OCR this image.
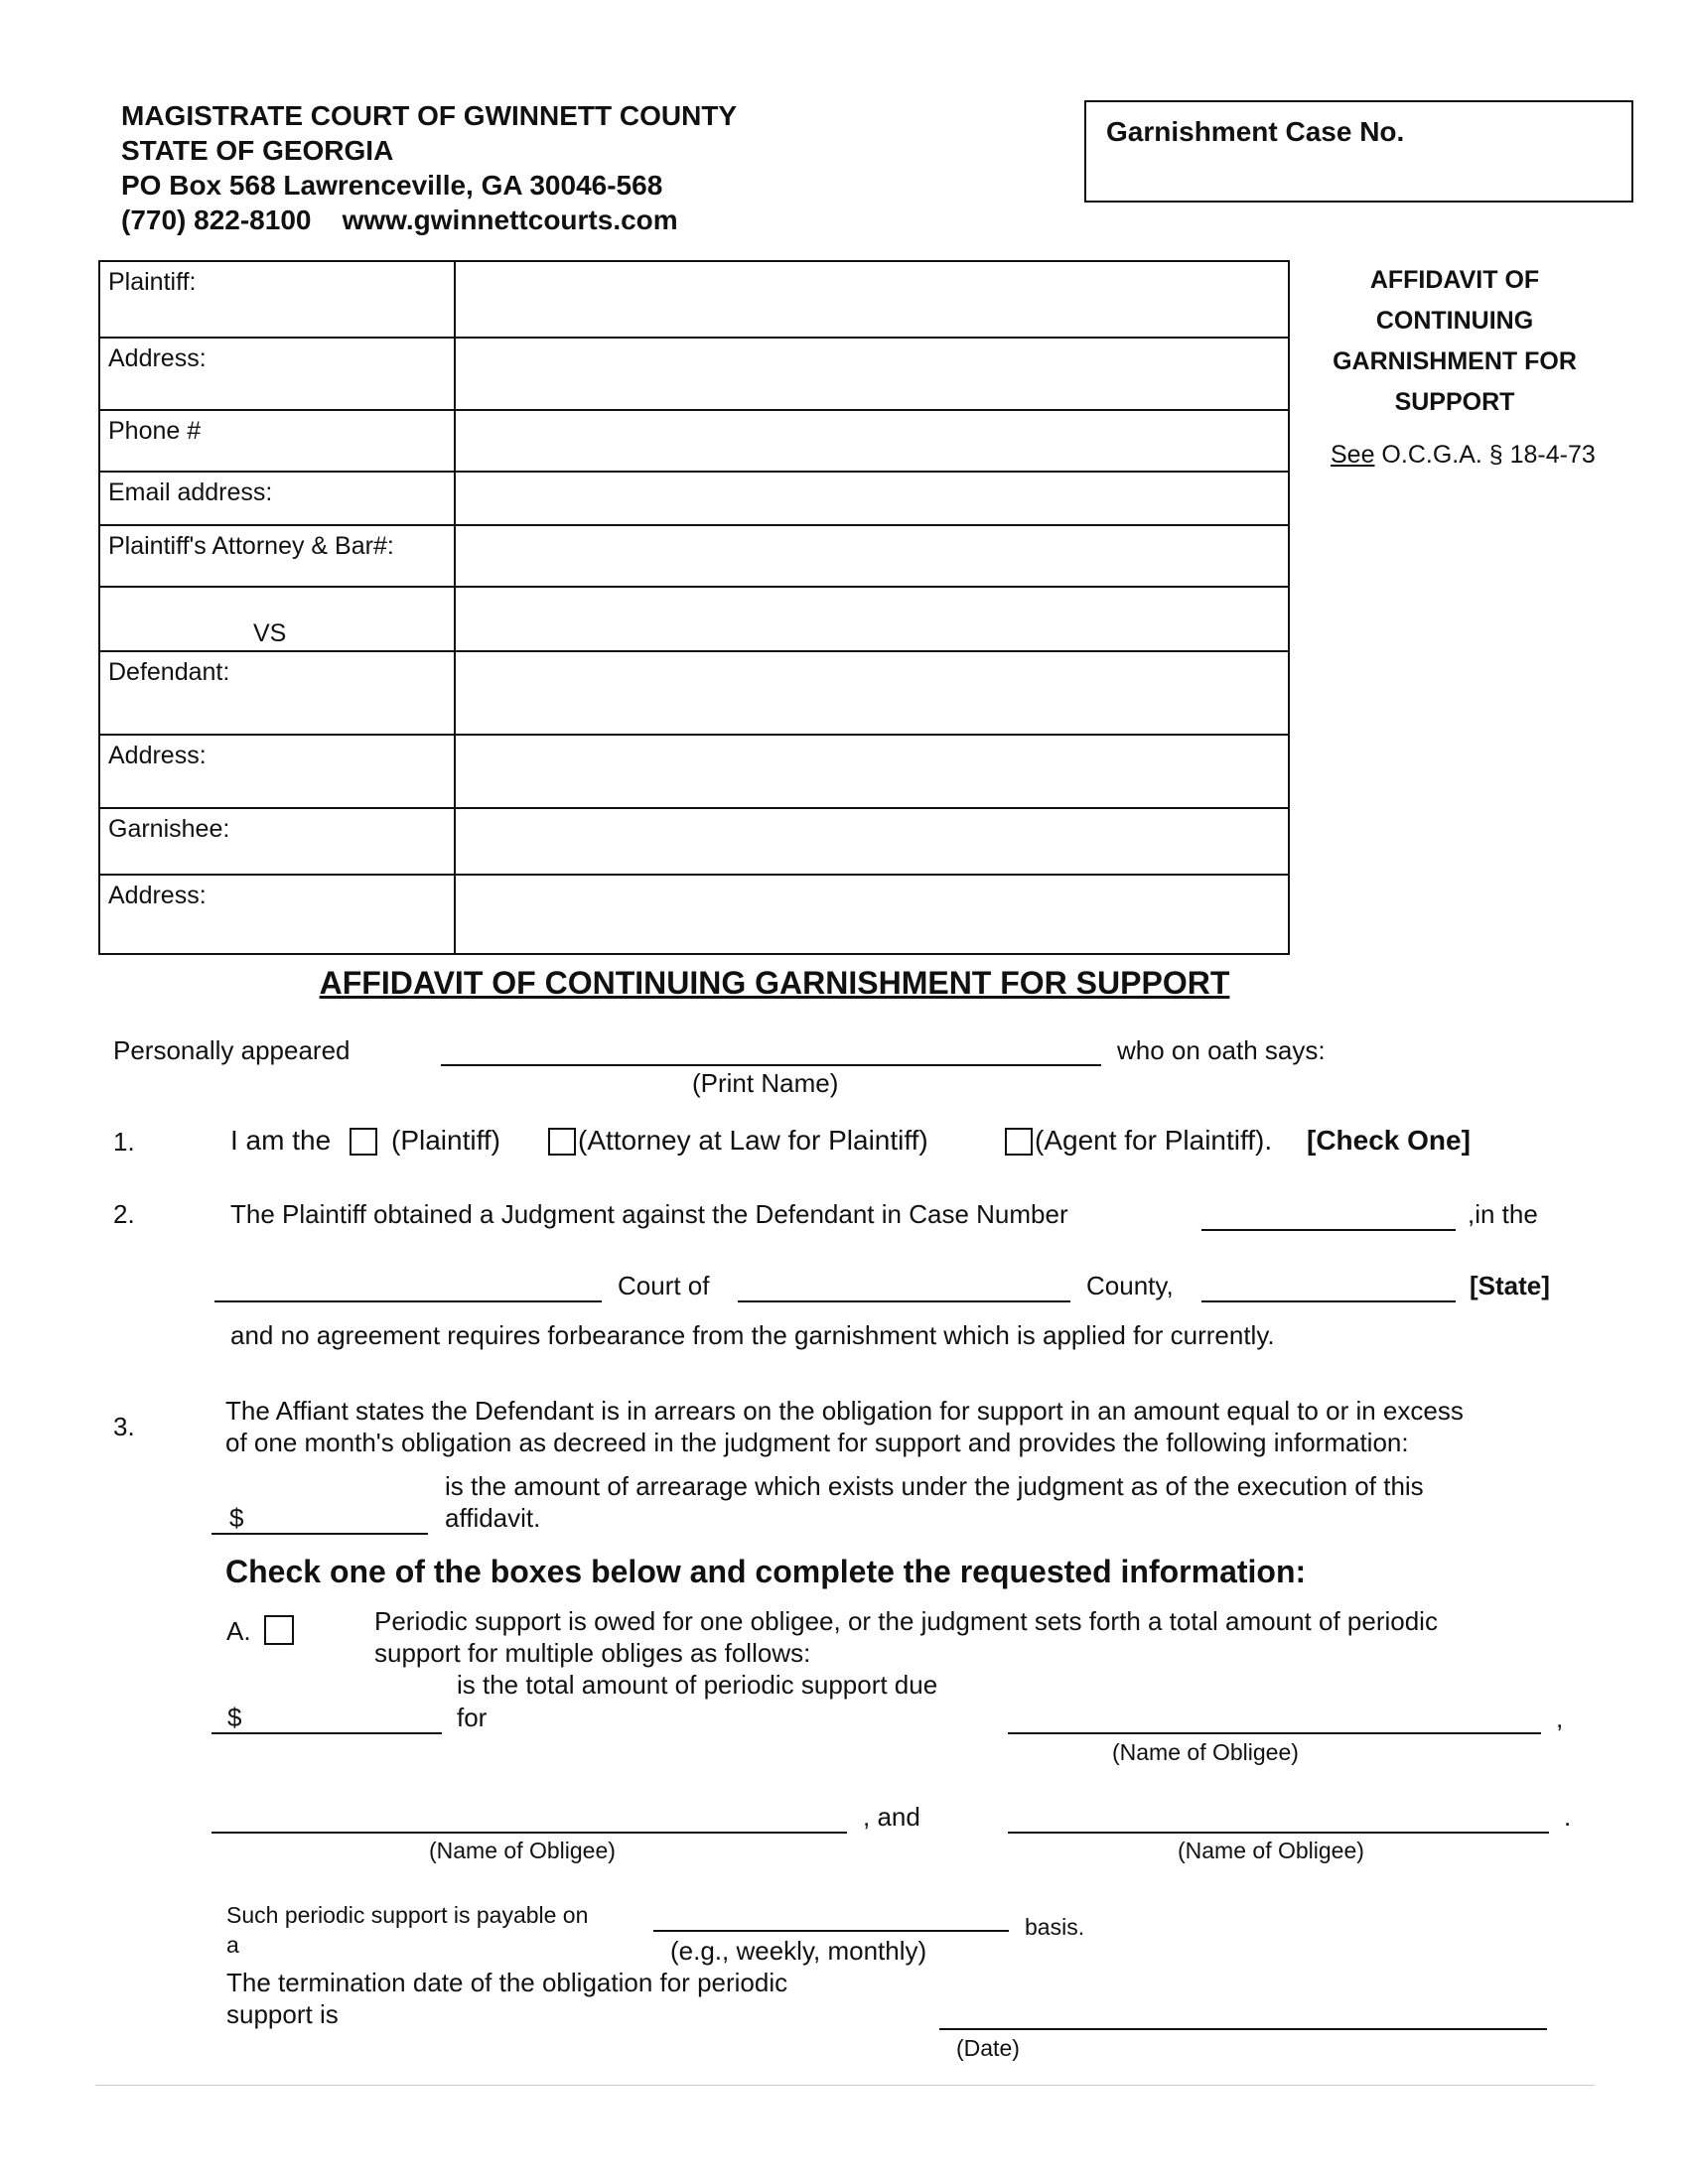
MAGISTRATE COURT OF GWINNETT COUNTY
STATE OF GEORGIA
PO Box 568 Lawrenceville, GA 30046-568
(770) 822-8100    www.gwinnettcourts.com
Garnishment Case No.
Plaintiff:	
Address:	
Phone #	
Email address:	
Plaintiff's Attorney & Bar#:	

VS	

Defendant:	
Address:	
Garnishee:	
Address:	
AFFIDAVIT OF
CONTINUING
GARNISHMENT FOR
SUPPORT
See O.C.G.A. § 18-4-73
AFFIDAVIT OF CONTINUING GARNISHMENT FOR SUPPORT
Personally appeared	who on oath says:
(Print Name)
1.	I am the (Plaintiff)	(Attorney at Law for Plaintiff)	(Agent for Plaintiff). [Check One]
2.	The Plaintiff obtained a Judgment against the Defendant in Case Number	,in the
Court of	County,	[State]
and no agreement requires forbearance from the garnishment which is applied for currently.
3.
The Affiant states the Defendant is in arrears on the obligation for support in an amount equal to or in excess
of one month's obligation as decreed in the judgment for support and provides the following information:
is the amount of arrearage which exists under the judgment as of the execution of this
$	affidavit.
Check one of the boxes below and complete the requested information:
A.	Periodic support is owed for one obligee, or the judgment sets forth a total amount of periodic
support for multiple obliges as follows:
is the total amount of periodic support due
$	for	,
(Name of Obligee)
, and	.
(Name of Obligee)	(Name of Obligee)
Such periodic support is payable on
a	(e.g., weekly, monthly)
basis.
The termination date of the obligation for periodic
support is
(Date)
